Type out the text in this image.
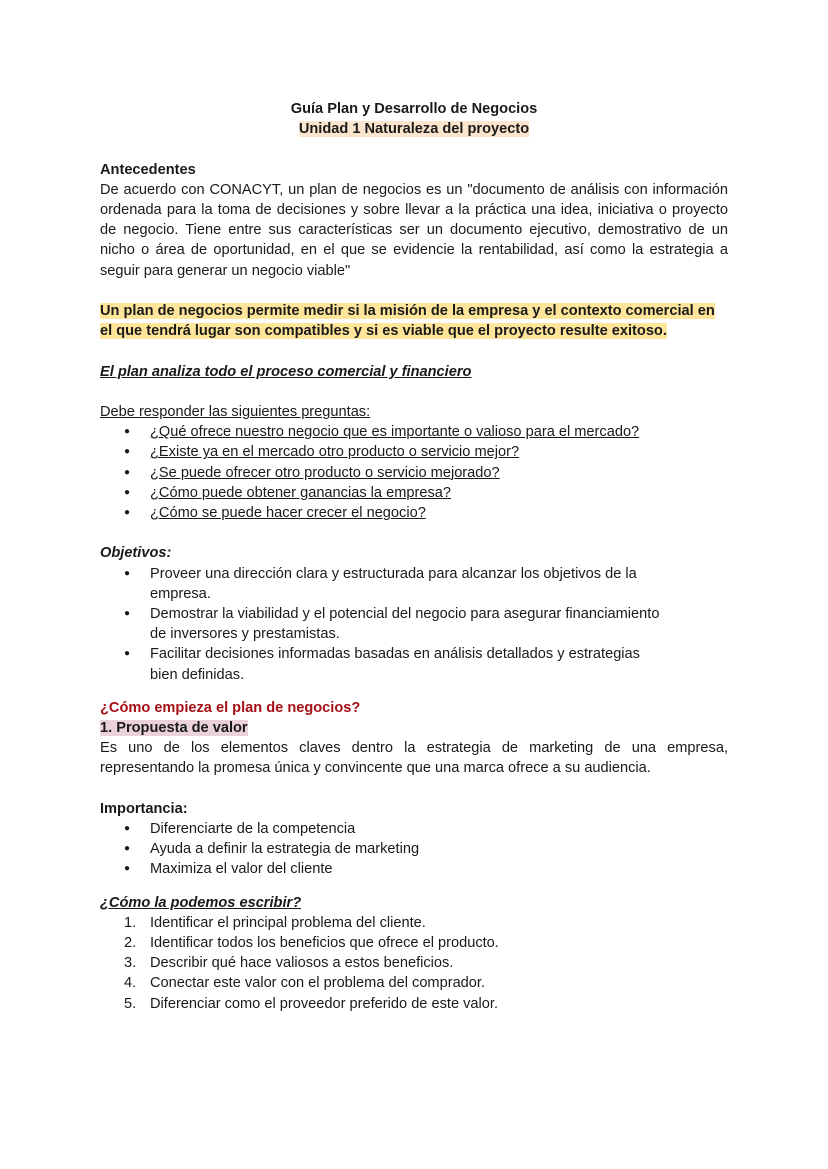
Guía Plan y Desarrollo de Negocios
Unidad 1 Naturaleza del proyecto
Antecedentes
De acuerdo con CONACYT, un plan de negocios es un "documento de análisis con información ordenada para la toma de decisiones y sobre llevar a la práctica una idea, iniciativa o proyecto de negocio. Tiene entre sus características ser un documento ejecutivo, demostrativo de un nicho o área de oportunidad, en el que se evidencie la rentabilidad, así como la estrategia a seguir para generar un negocio viable"
Un plan de negocios permite medir si la misión de la empresa y el contexto comercial en el que tendrá lugar son compatibles y si es viable que el proyecto resulte exitoso.
El plan analiza todo el proceso comercial y financiero
Debe responder las siguientes preguntas:
● ¿Qué ofrece nuestro negocio que es importante o valioso para el mercado?
● ¿Existe ya en el mercado otro producto o servicio mejor?
● ¿Se puede ofrecer otro producto o servicio mejorado?
● ¿Cómo puede obtener ganancias la empresa?
● ¿Cómo se puede hacer crecer el negocio?
Objetivos:
● Proveer una dirección clara y estructurada para alcanzar los objetivos de la empresa.
● Demostrar la viabilidad y el potencial del negocio para asegurar financiamiento de inversores y prestamistas.
● Facilitar decisiones informadas basadas en análisis detallados y estrategias bien definidas.
¿Cómo empieza el plan de negocios?
1. Propuesta de valor
Es uno de los elementos claves dentro la estrategia de marketing de una empresa, representando la promesa única y convincente que una marca ofrece a su audiencia.
Importancia:
● Diferenciarte de la competencia
● Ayuda a definir la estrategia de marketing
● Maximiza el valor del cliente
¿Cómo la podemos escribir?
1. Identificar el principal problema del cliente.
2. Identificar todos los beneficios que ofrece el producto.
3. Describir qué hace valiosos a estos beneficios.
4. Conectar este valor con el problema del comprador.
5. Diferenciar como el proveedor preferido de este valor.
